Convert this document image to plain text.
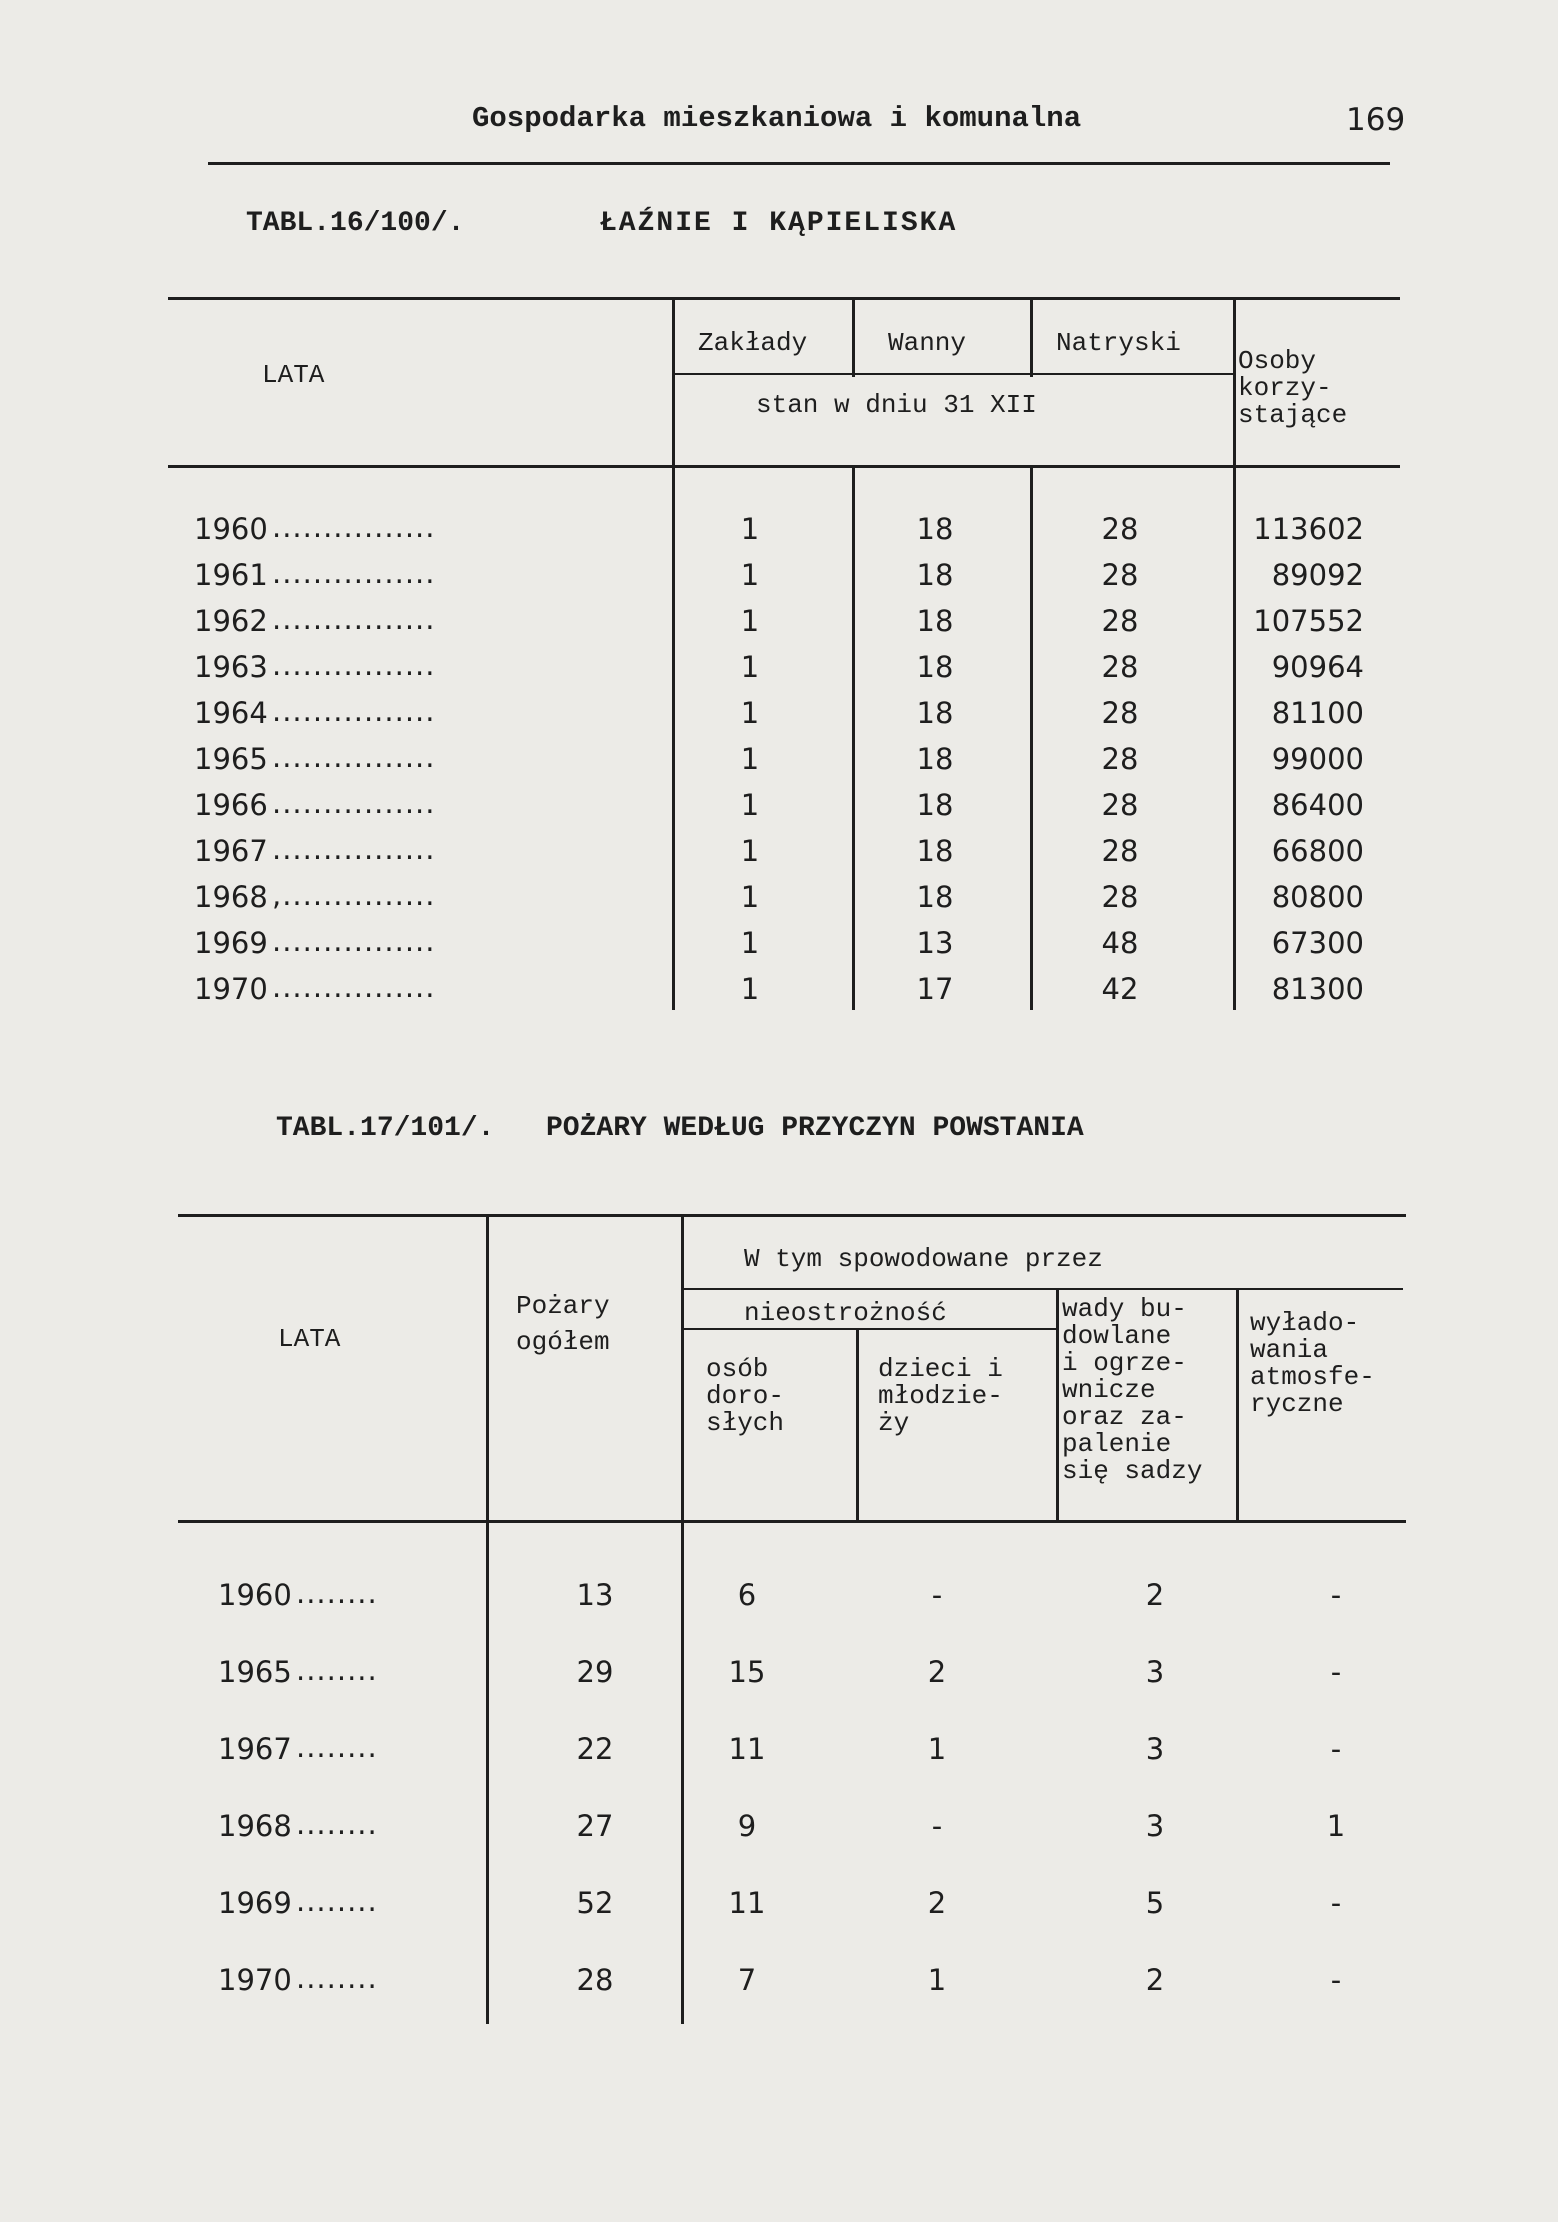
Gospodarka mieszkaniowa i komunalna	169
TABL.16/100/.	ŁAŹNIE I KĄPIELISKA
LATA
Zakłady	Wanny	Natryski
stan w dniu 31 XII
Osoby
korzy-
stające
1960 ................	1	18	28	113602
1961 ................	1	18	28	89092
1962 ................	1	18	28	107552
1963 ................	1	18	28	90964
1964 ................	1	18	28	81100
1965 ................	1	18	28	99000
1966 ................	1	18	28	86400
1967 ................	1	18	28	66800
1968 ,...............	1	18	28	80800
1969 ................	1	13	48	67300
1970 ................	1	17	42	81300
TABL.17/101/. POŻARY WEDŁUG PRZYCZYN POWSTANIA
LATA
Pożary
ogółem
W tym spowodowane przez
nieostrożność
osób
doro-
słych
dzieci i
młodzie-
ży
wady bu-
dowlane
i ogrze-
wnicze
oraz za-
palenie
się sadzy
wyłado-
wania
atmosfe-
ryczne
1960 ........	13	6	-	2	-
1965 ........	29	15	2	3	-
1967 ........	22	11	1	3	-
1968 ........	27	9	-	3	1
1969 ........	52	11	2	5	-
1970 ........	28	7	1	2	-
